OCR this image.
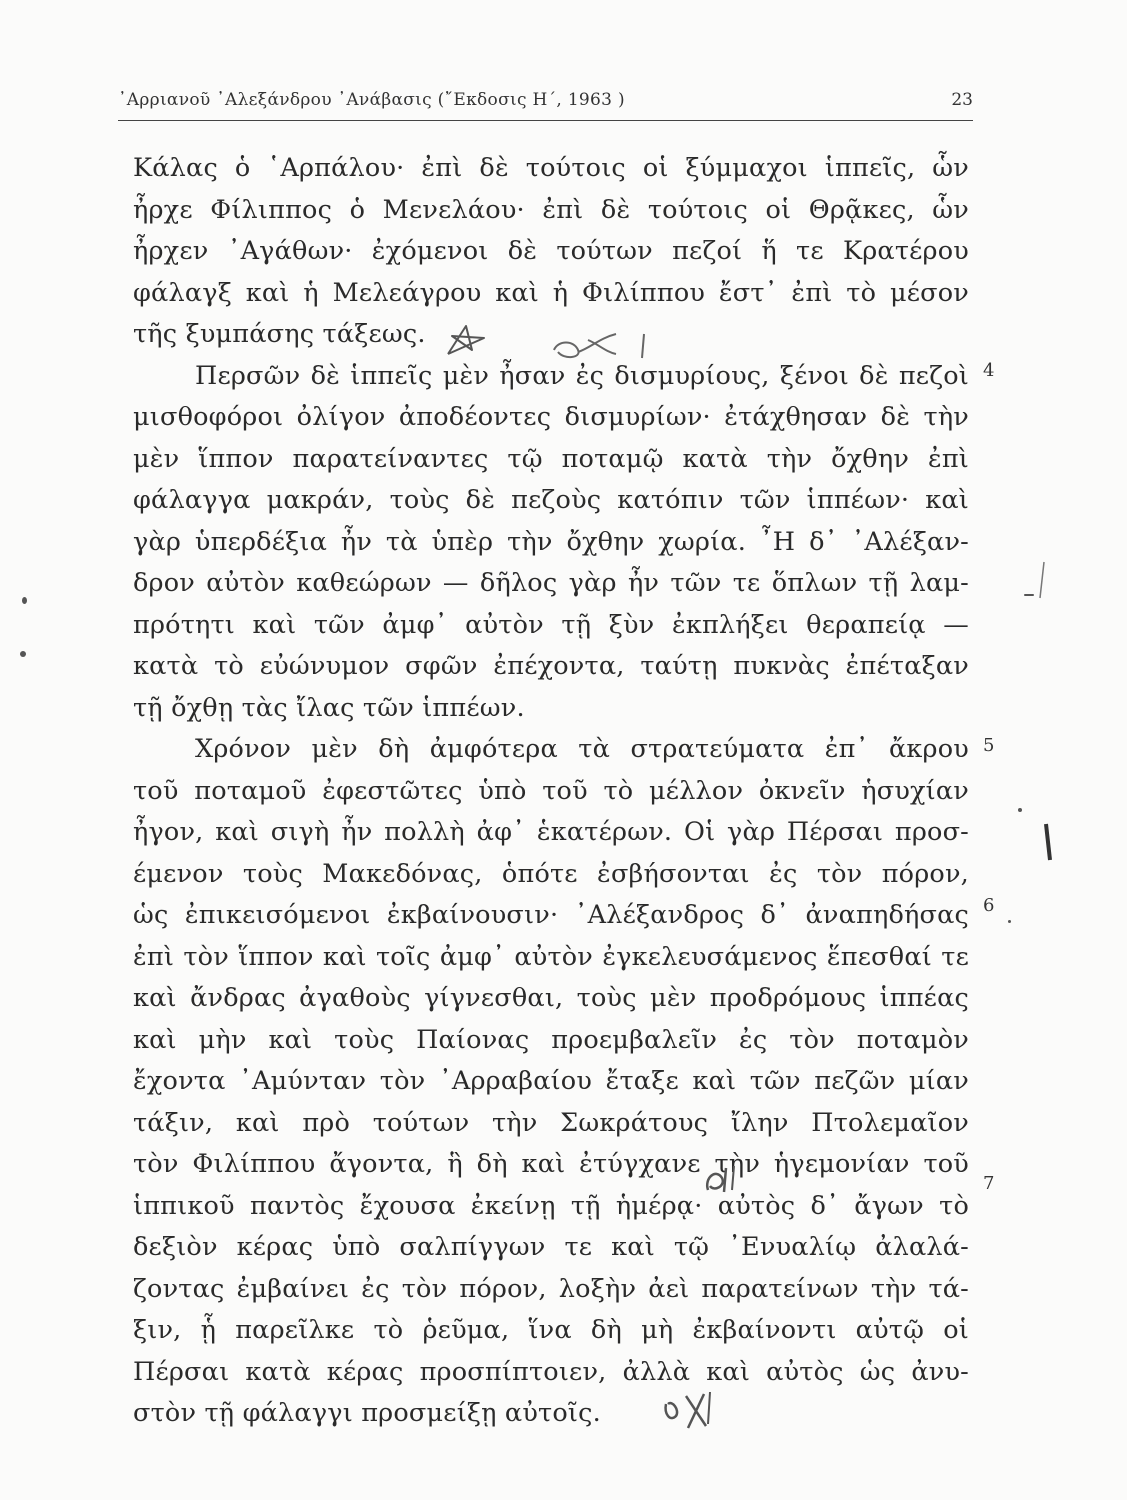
᾿Αρριανοῦ ᾿Αλεξάνδρου ᾿Ανάβασις (῎Εκδοσις Η΄, 1963 )	23
Κάλας ὁ ῾Αρπάλου· ἐπὶ δὲ τούτοις οἱ ξύμμαχοι ἱππεῖς, ὧν
ἦρχε Φίλιππος ὁ Μενελάου· ἐπὶ δὲ τούτοις οἱ Θρᾷκες, ὧν
ἦρχεν ᾿Αγάθων· ἐχόμενοι δὲ τούτων πεζοί ἥ τε Κρατέρου
φάλαγξ καὶ ἡ Μελεάγρου καὶ ἡ Φιλίππου ἔστ᾿ ἐπὶ τὸ μέσον
τῆς ξυμπάσης τάξεως.
Περσῶν δὲ ἱππεῖς μὲν ἦσαν ἐς δισμυρίους, ξένοι δὲ πεζοὶ
μισθοφόροι ὀλίγον ἀποδέοντες δισμυρίων· ἐτάχθησαν δὲ τὴν
μὲν ἵππον παρατείναντες τῷ ποταμῷ κατὰ τὴν ὄχθην ἐπὶ
φάλαγγα μακράν, τοὺς δὲ πεζοὺς κατόπιν τῶν ἱππέων· καὶ
γὰρ ὑπερδέξια ἦν τὰ ὑπὲρ τὴν ὄχθην χωρία. ῏Η δ᾿ ᾿Αλέξαν-
δρον αὐτὸν καθεώρων — δῆλος γὰρ ἦν τῶν τε ὅπλων τῇ λαμ-
πρότητι καὶ τῶν ἀμφ᾿ αὐτὸν τῇ ξὺν ἐκπλήξει θεραπείᾳ —
κατὰ τὸ εὐώνυμον σφῶν ἐπέχοντα, ταύτῃ πυκνὰς ἐπέταξαν
τῇ ὄχθῃ τὰς ἴλας τῶν ἱππέων.
Χρόνον μὲν δὴ ἀμφότερα τὰ στρατεύματα ἐπ᾿ ἄκρου
τοῦ ποταμοῦ ἐφεστῶτες ὑπὸ τοῦ τὸ μέλλον ὀκνεῖν ἡσυχίαν
ἦγον, καὶ σιγὴ ἦν πολλὴ ἀφ᾿ ἑκατέρων. Οἱ γὰρ Πέρσαι προσ-
έμενον τοὺς Μακεδόνας, ὁπότε ἐσβήσονται ἐς τὸν πόρον,
ὡς ἐπικεισόμενοι ἐκβαίνουσιν· ᾿Αλέξανδρος δ᾿ ἀναπηδήσας
ἐπὶ τὸν ἵππον καὶ τοῖς ἀμφ᾿ αὐτὸν ἐγκελευσάμενος ἕπεσθαί τε
καὶ ἄνδρας ἀγαθοὺς γίγνεσθαι, τοὺς μὲν προδρόμους ἱππέας
καὶ μὴν καὶ τοὺς Παίονας προεμβαλεῖν ἐς τὸν ποταμὸν
ἔχοντα ᾿Αμύνταν τὸν ᾿Αρραβαίου ἔταξε καὶ τῶν πεζῶν μίαν
τάξιν, καὶ πρὸ τούτων τὴν Σωκράτους ἴλην Πτολεμαῖον
τὸν Φιλίππου ἄγοντα, ἣ δὴ καὶ ἐτύγχανε τὴν ἡγεμονίαν τοῦ
ἱππικοῦ παντὸς ἔχουσα ἐκείνῃ τῇ ἡμέρᾳ· αὐτὸς δ᾿ ἄγων τὸ
δεξιὸν κέρας ὑπὸ σαλπίγγων τε καὶ τῷ ᾿Ενυαλίῳ ἀλαλά-
ζοντας ἐμβαίνει ἐς τὸν πόρον, λοξὴν ἀεὶ παρατείνων τὴν τά-
ξιν, ᾗ παρεῖλκε τὸ ῥεῦμα, ἵνα δὴ μὴ ἐκβαίνοντι αὐτῷ οἱ
Πέρσαι κατὰ κέρας προσπίπτοιεν, ἀλλὰ καὶ αὐτὸς ὡς ἀνυ-
στὸν τῇ φάλαγγι προσμείξῃ αὐτοῖς.
4
5
6
7
